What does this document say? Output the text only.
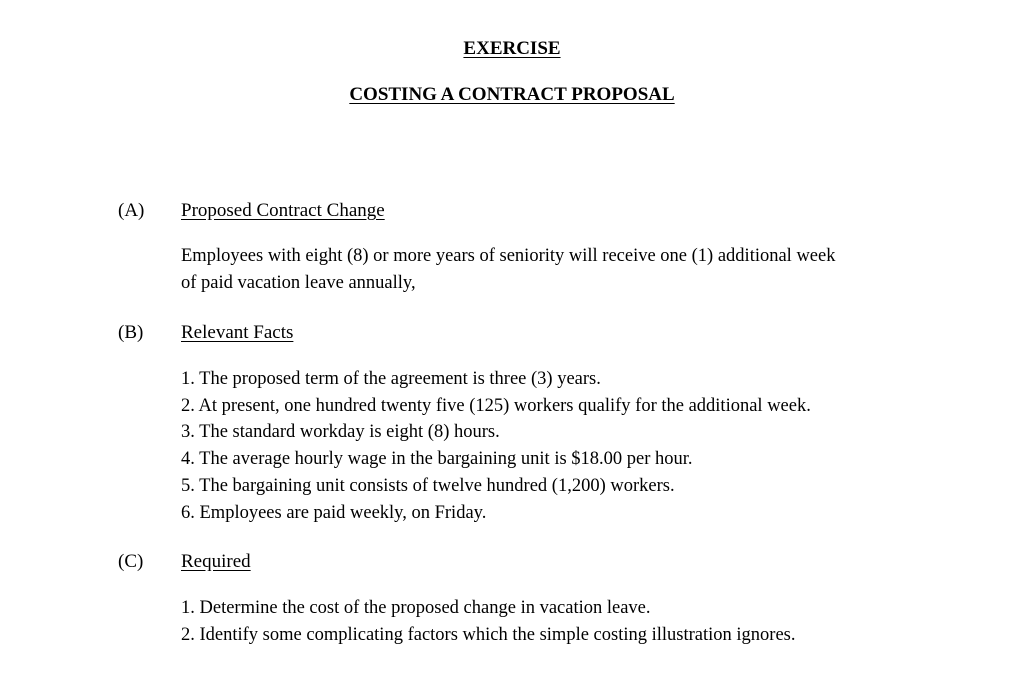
EXERCISE
COSTING A CONTRACT PROPOSAL
(A) Proposed Contract Change
Employees with eight (8) or more years of seniority will receive one (1) additional week
of paid vacation leave annually,
(B) Relevant Facts
1. The proposed term of the agreement is three (3) years.
2. At present, one hundred twenty five (125) workers qualify for the additional week.
3. The standard workday is eight (8) hours.
4. The average hourly wage in the bargaining unit is $18.00 per hour.
5. The bargaining unit consists of twelve hundred (1,200) workers.
6. Employees are paid weekly, on Friday.
(C) Required
1. Determine the cost of the proposed change in vacation leave.
2. Identify some complicating factors which the simple costing illustration ignores.
